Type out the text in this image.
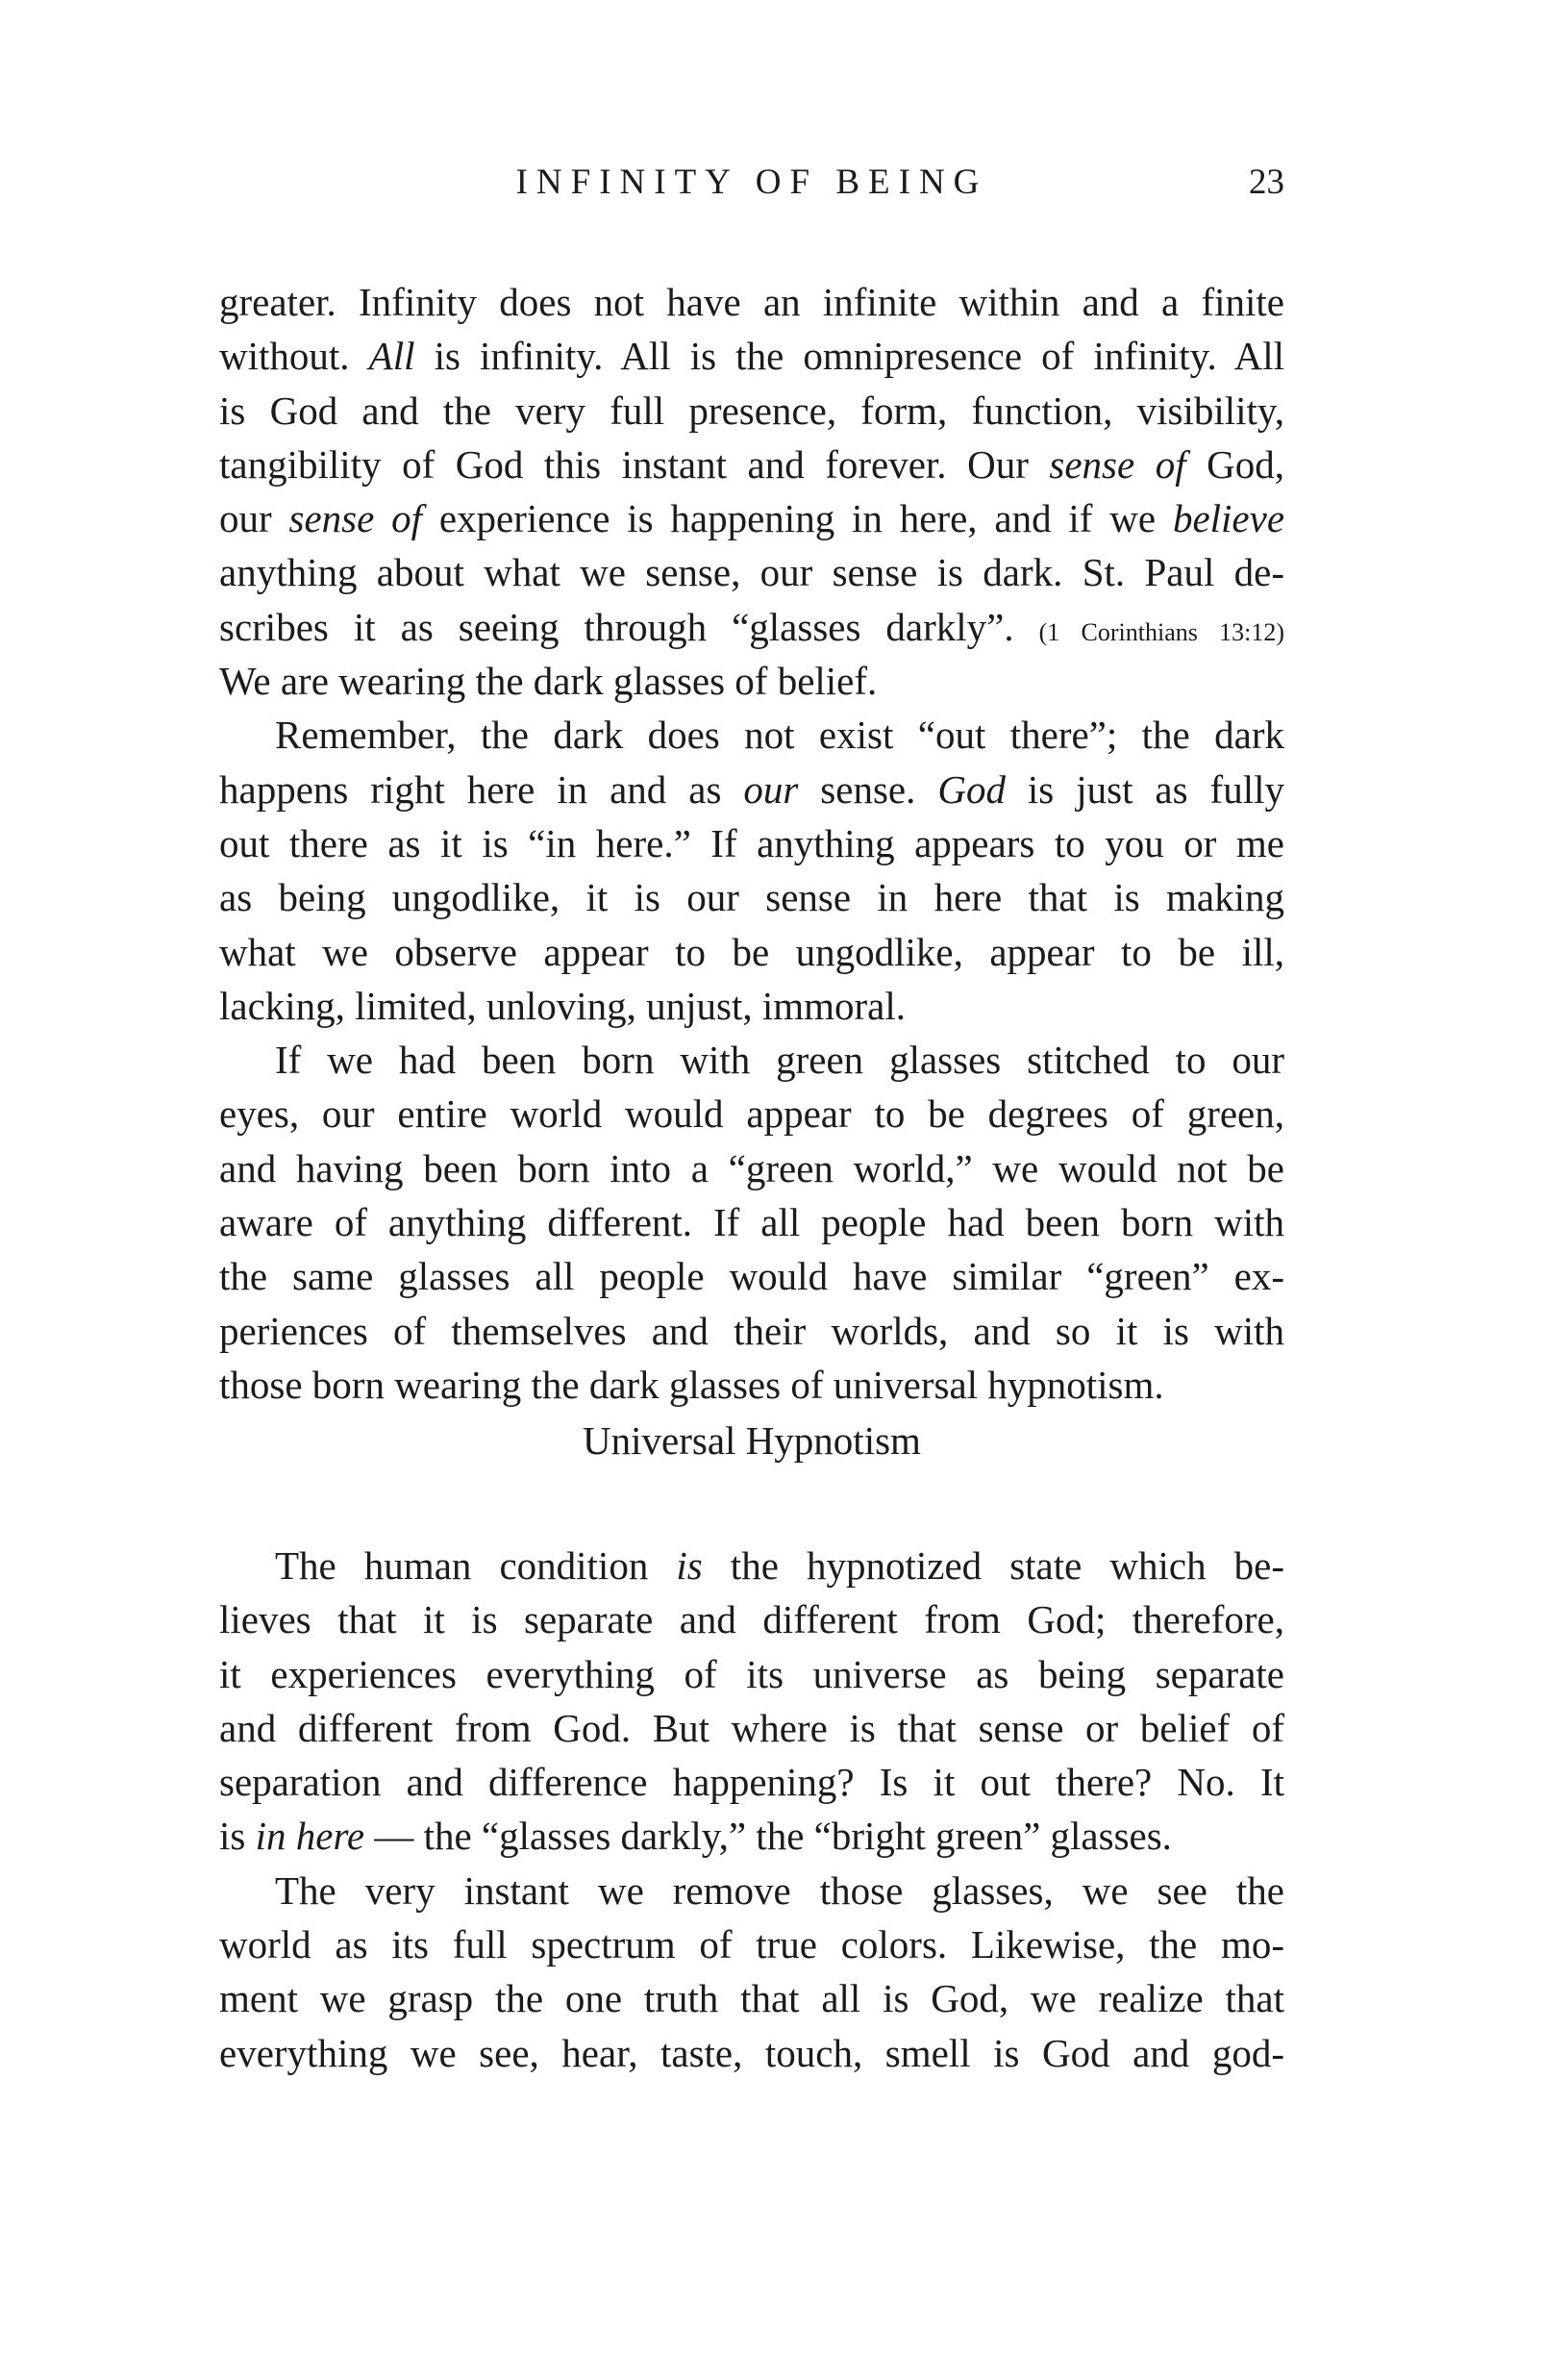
INFINITY OF BEING	23
greater. Infinity does not have an infinite within and a finite
without. All is infinity. All is the omnipresence of infinity. All
is God and the very full presence, form, function, visibility,
tangibility of God this instant and forever. Our sense of God,
our sense of experience is happening in here, and if we believe
anything about what we sense, our sense is dark. St. Paul de-
scribes it as seeing through “glasses darkly”. (1 Corinthians 13:12)
We are wearing the dark glasses of belief.
Remember, the dark does not exist “out there”; the dark
happens right here in and as our sense. God is just as fully
out there as it is “in here.” If anything appears to you or me
as being ungodlike, it is our sense in here that is making
what we observe appear to be ungodlike, appear to be ill,
lacking, limited, unloving, unjust, immoral.
If we had been born with green glasses stitched to our
eyes, our entire world would appear to be degrees of green,
and having been born into a “green world,” we would not be
aware of anything different. If all people had been born with
the same glasses all people would have similar “green” ex-
periences of themselves and their worlds, and so it is with
those born wearing the dark glasses of universal hypnotism.
Universal Hypnotism
The human condition is the hypnotized state which be-
lieves that it is separate and different from God; therefore,
it experiences everything of its universe as being separate
and different from God. But where is that sense or belief of
separation and difference happening? Is it out there? No. It
is in here — the “glasses darkly,” the “bright green” glasses.
The very instant we remove those glasses, we see the
world as its full spectrum of true colors. Likewise, the mo-
ment we grasp the one truth that all is God, we realize that
everything we see, hear, taste, touch, smell is God and god-
